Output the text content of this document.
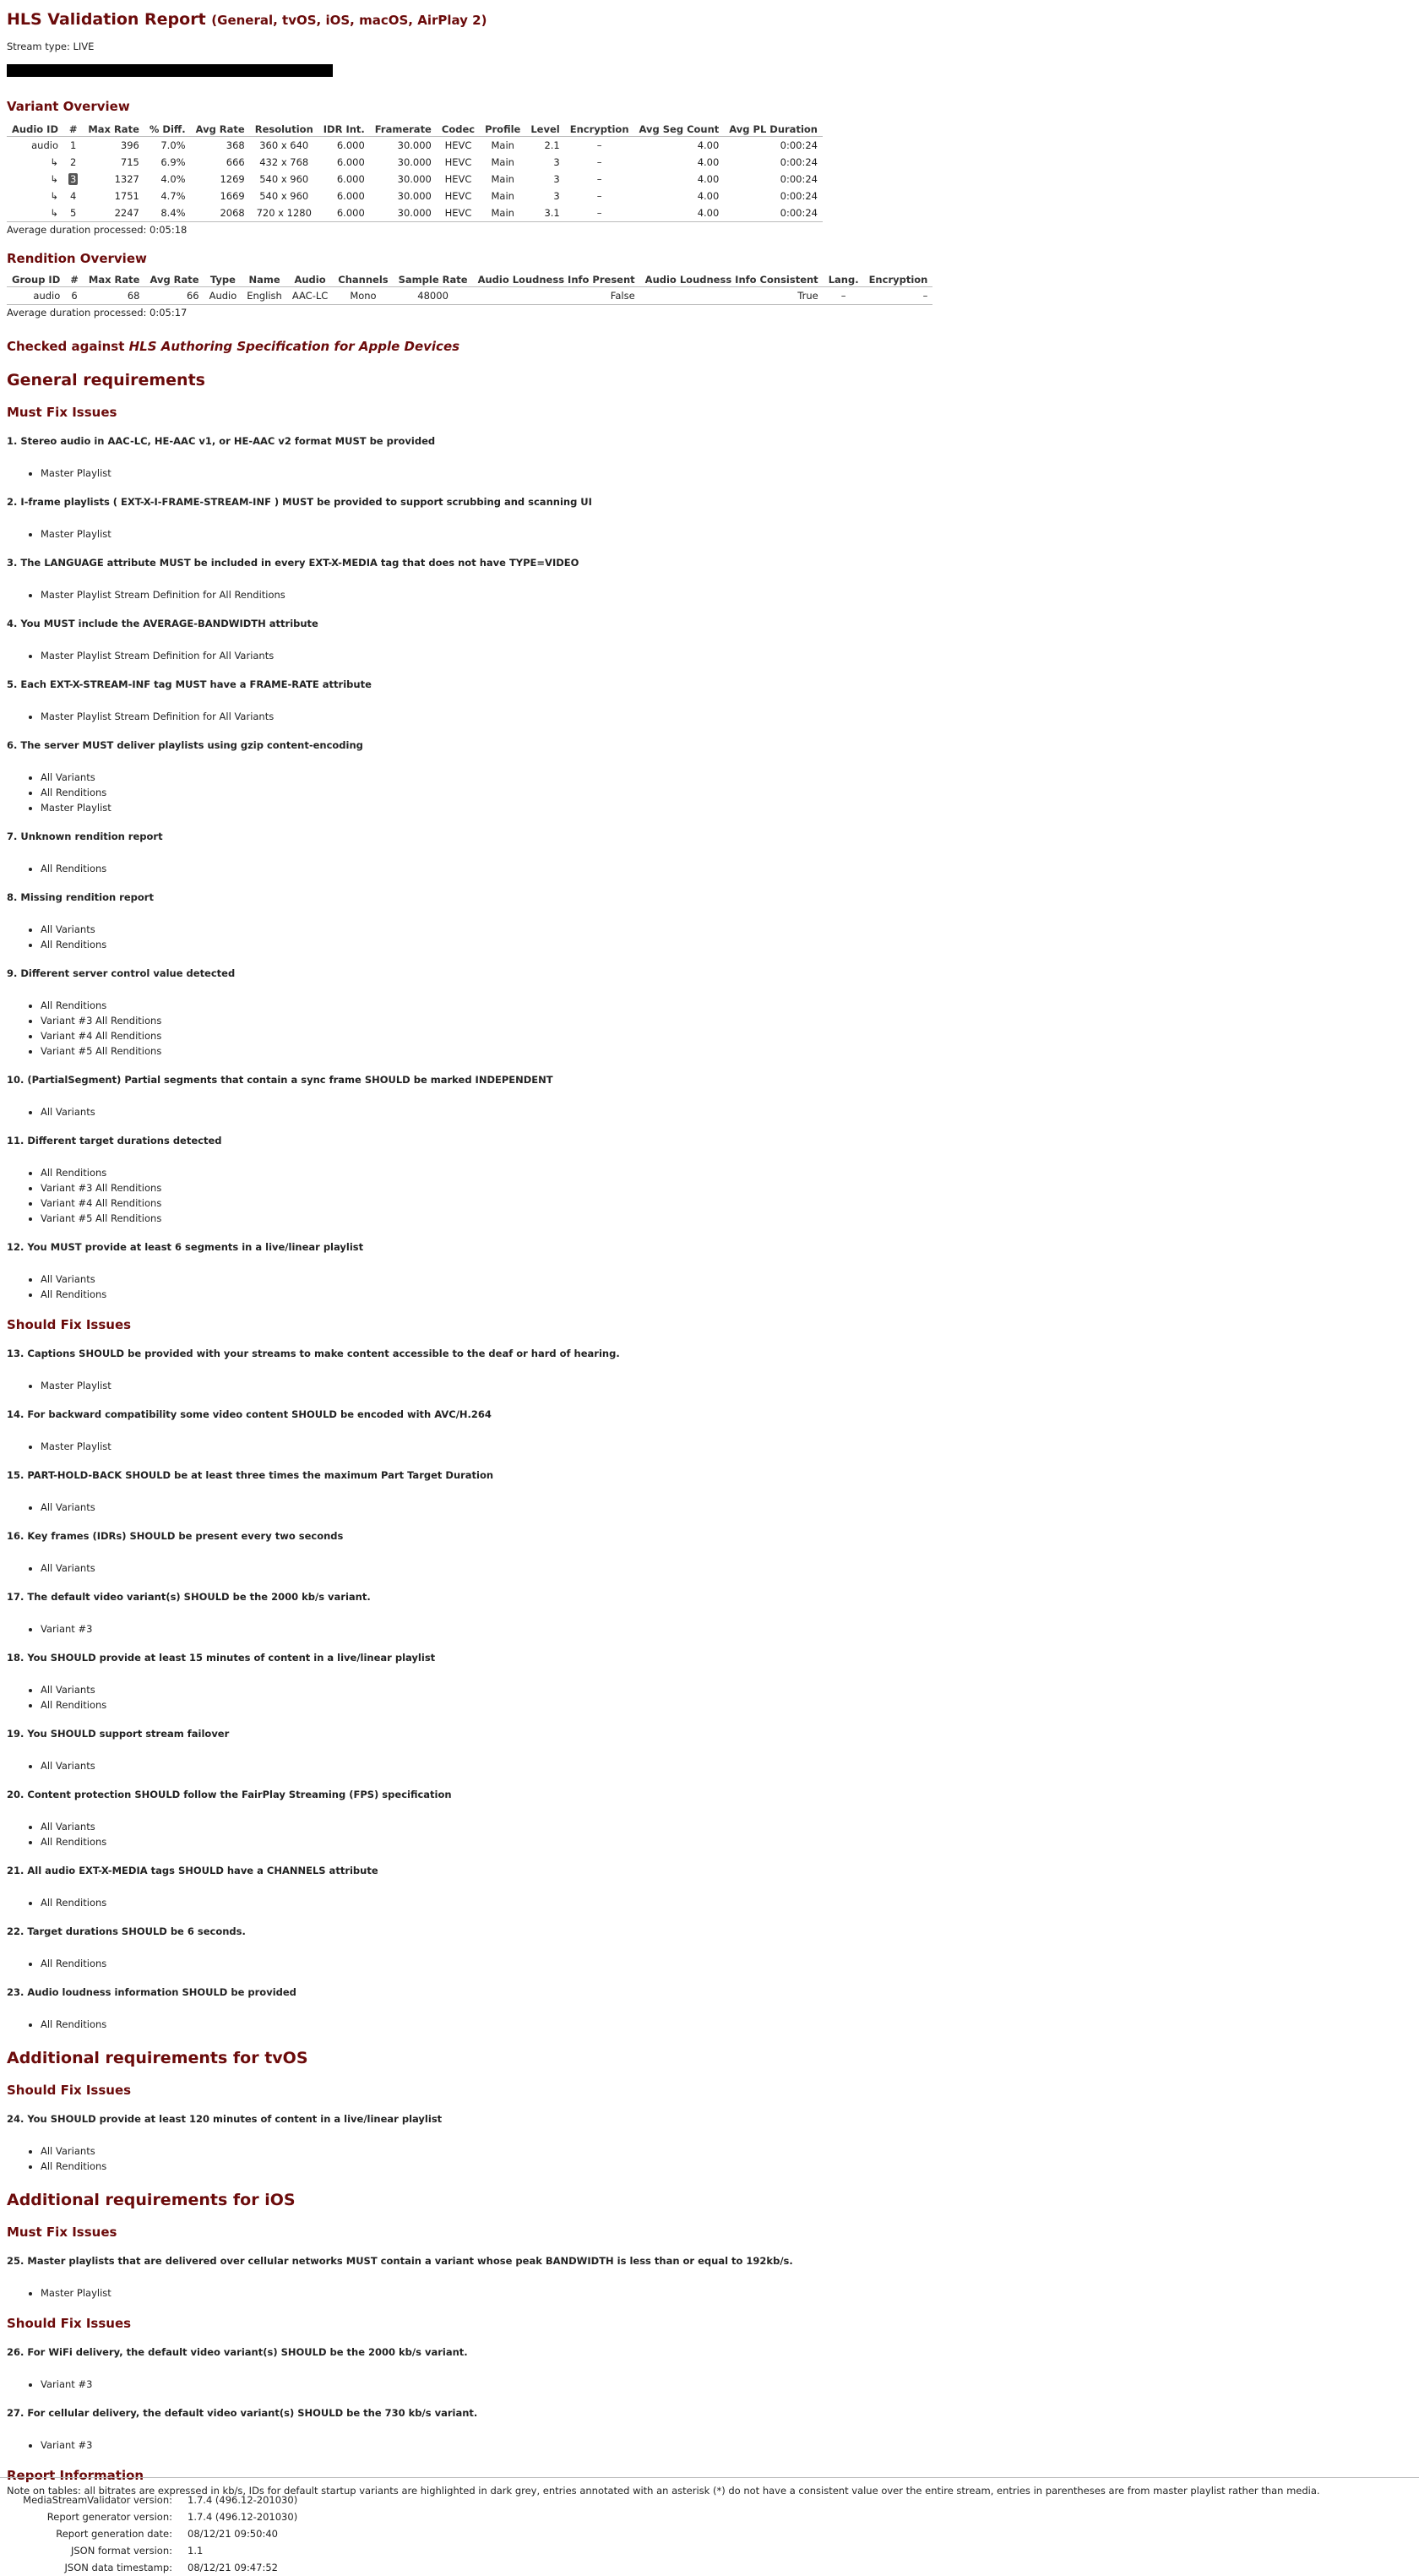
HLS Validation Report (General, tvOS, iOS, macOS, AirPlay 2)
Stream type: LIVE
Variant Overview
Audio ID	#	Max Rate	% Diff.	Avg Rate	Resolution	IDR Int.	Framerate	Codec	Profile	Level	Encryption	Avg Seg Count	Avg PL Duration
audio	1	396	7.0%	368	360 x 640	6.000	30.000	HEVC	Main	2.1	–	4.00	0:00:24
↳	2	715	6.9%	666	432 x 768	6.000	30.000	HEVC	Main	3	–	4.00	0:00:24
↳	3	1327	4.0%	1269	540 x 960	6.000	30.000	HEVC	Main	3	–	4.00	0:00:24
↳	4	1751	4.7%	1669	540 x 960	6.000	30.000	HEVC	Main	3	–	4.00	0:00:24
↳	5	2247	8.4%	2068	720 x 1280	6.000	30.000	HEVC	Main	3.1	–	4.00	0:00:24
Average duration processed: 0:05:18
Rendition Overview
Group ID	#	Max Rate	Avg Rate	Type	Name	Audio	Channels	Sample Rate	Audio Loudness Info Present	Audio Loudness Info Consistent	Lang.	Encryption
audio	6	68	66	Audio	English	AAC-LC	Mono	48000	False	True	–	–
Average duration processed: 0:05:17
Checked against HLS Authoring Specification for Apple Devices
General requirements
Must Fix Issues
1. Stereo audio in AAC-LC, HE-AAC v1, or HE-AAC v2 format MUST be provided
• Master Playlist
2. I-frame playlists ( EXT-X-I-FRAME-STREAM-INF ) MUST be provided to support scrubbing and scanning UI
• Master Playlist
3. The LANGUAGE attribute MUST be included in every EXT-X-MEDIA tag that does not have TYPE=VIDEO
• Master Playlist Stream Definition for All Renditions
4. You MUST include the AVERAGE-BANDWIDTH attribute
• Master Playlist Stream Definition for All Variants
5. Each EXT-X-STREAM-INF tag MUST have a FRAME-RATE attribute
• Master Playlist Stream Definition for All Variants
6. The server MUST deliver playlists using gzip content-encoding
• All Variants
• All Renditions
• Master Playlist
7. Unknown rendition report
• All Renditions
8. Missing rendition report
• All Variants
• All Renditions
9. Different server control value detected
• All Renditions
• Variant #3 All Renditions
• Variant #4 All Renditions
• Variant #5 All Renditions
10. (PartialSegment) Partial segments that contain a sync frame SHOULD be marked INDEPENDENT
• All Variants
11. Different target durations detected
• All Renditions
• Variant #3 All Renditions
• Variant #4 All Renditions
• Variant #5 All Renditions
12. You MUST provide at least 6 segments in a live/linear playlist
• All Variants
• All Renditions
Should Fix Issues
13. Captions SHOULD be provided with your streams to make content accessible to the deaf or hard of hearing.
• Master Playlist
14. For backward compatibility some video content SHOULD be encoded with AVC/H.264
• Master Playlist
15. PART-HOLD-BACK SHOULD be at least three times the maximum Part Target Duration
• All Variants
16. Key frames (IDRs) SHOULD be present every two seconds
• All Variants
17. The default video variant(s) SHOULD be the 2000 kb/s variant.
• Variant #3
18. You SHOULD provide at least 15 minutes of content in a live/linear playlist
• All Variants
• All Renditions
19. You SHOULD support stream failover
• All Variants
20. Content protection SHOULD follow the FairPlay Streaming (FPS) specification
• All Variants
• All Renditions
21. All audio EXT-X-MEDIA tags SHOULD have a CHANNELS attribute
• All Renditions
22. Target durations SHOULD be 6 seconds.
• All Renditions
23. Audio loudness information SHOULD be provided
• All Renditions
Additional requirements for tvOS
Should Fix Issues
24. You SHOULD provide at least 120 minutes of content in a live/linear playlist
• All Variants
• All Renditions
Additional requirements for iOS
Must Fix Issues
25. Master playlists that are delivered over cellular networks MUST contain a variant whose peak BANDWIDTH is less than or equal to 192kb/s.
• Master Playlist
Should Fix Issues
26. For WiFi delivery, the default video variant(s) SHOULD be the 2000 kb/s variant.
• Variant #3
27. For cellular delivery, the default video variant(s) SHOULD be the 730 kb/s variant.
• Variant #3
Report Information
MediaStreamValidator version:	1.7.4 (496.12-201030)
Report generator version:	1.7.4 (496.12-201030)
Report generation date:	08/12/21 09:50:40
JSON format version:	1.1
JSON data timestamp:	08/12/21 09:47:52
Note on tables: all bitrates are expressed in kb/s, IDs for default startup variants are highlighted in dark grey, entries annotated with an asterisk (*) do not have a consistent value over the entire stream, entries in parentheses are from master playlist rather than media.
